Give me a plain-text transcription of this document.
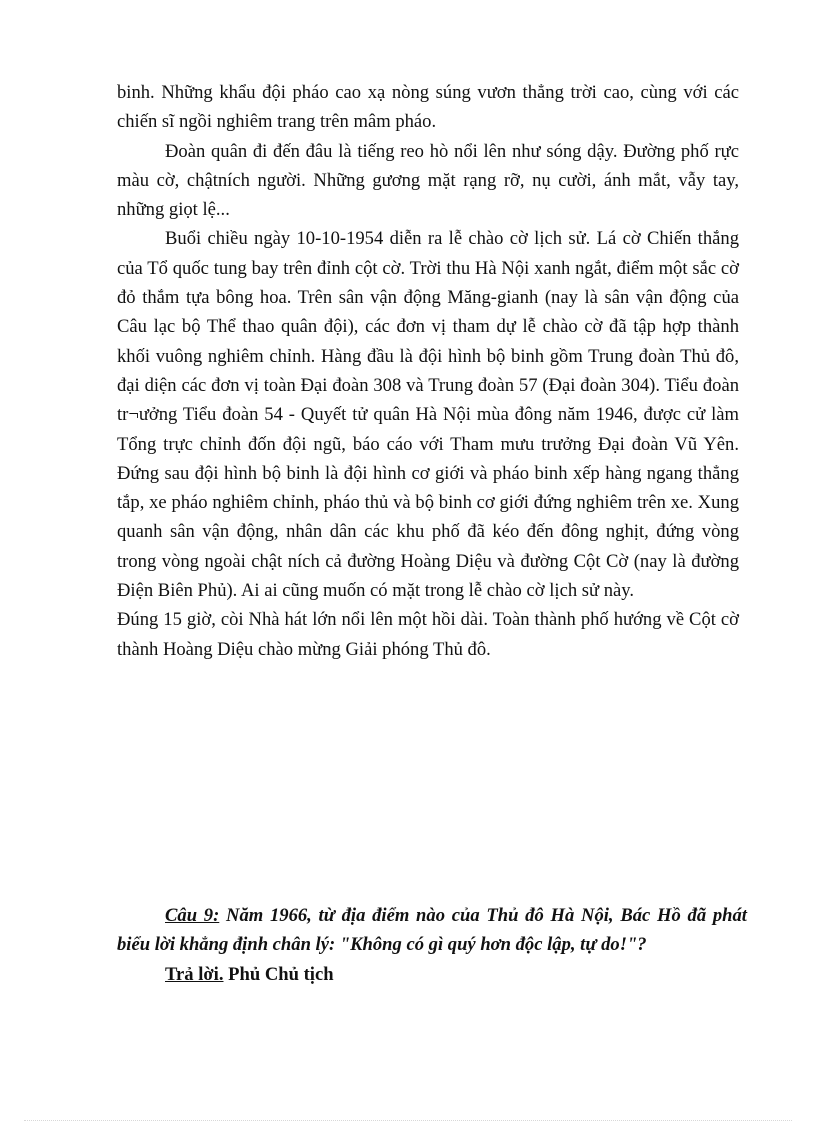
binh. Những khẩu đội pháo cao xạ nòng súng vươn thẳng trời cao, cùng với các chiến sĩ ngồi nghiêm trang trên mâm pháo.

Đoàn quân đi đến đâu là tiếng reo hò nổi lên như sóng dậy. Đường phố rực màu cờ, chậtních người. Những gương mặt rạng rỡ, nụ cười, ánh mắt, vẫy tay, những giọt lệ...

Buổi chiều ngày 10-10-1954 diễn ra lễ chào cờ lịch sử. Lá cờ Chiến thắng của Tổ quốc tung bay trên đỉnh cột cờ. Trời thu Hà Nội xanh ngắt, điểm một sắc cờ đỏ thắm tựa bông hoa. Trên sân vận động Măng-gianh (nay là sân vận động của Câu lạc bộ Thể thao quân đội), các đơn vị tham dự lễ chào cờ đã tập hợp thành khối vuông nghiêm chỉnh. Hàng đầu là đội hình bộ binh gồm Trung đoàn Thủ đô, đại diện các đơn vị toàn Đại đoàn 308 và Trung đoàn 57 (Đại đoàn 304). Tiểu đoàn tr¬ưởng Tiểu đoàn 54 - Quyết tử quân Hà Nội mùa đông năm 1946, được cử làm Tổng trực chỉnh đốn đội ngũ, báo cáo với Tham mưu trưởng Đại đoàn Vũ Yên. Đứng sau đội hình bộ binh là đội hình cơ giới và pháo binh xếp hàng ngang thẳng tắp, xe pháo nghiêm chỉnh, pháo thủ và bộ binh cơ giới đứng nghiêm trên xe. Xung quanh sân vận động, nhân dân các khu phố đã kéo đến đông nghịt, đứng vòng trong vòng ngoài chật ních cả đường Hoàng Diệu và đường Cột Cờ (nay là đường Điện Biên Phủ). Ai ai cũng muốn có mặt trong lễ chào cờ lịch sử này.

Đúng 15 giờ, còi Nhà hát lớn nổi lên một hồi dài. Toàn thành phố hướng về Cột cờ thành Hoàng Diệu chào mừng Giải phóng Thủ đô.

Câu 9: Năm 1966, từ địa điểm nào của Thủ đô Hà Nội, Bác Hồ đã phát biểu lời khẳng định chân lý: "Không có gì quý hơn độc lập, tự do!"?

Trả lời. Phủ Chủ tịch
